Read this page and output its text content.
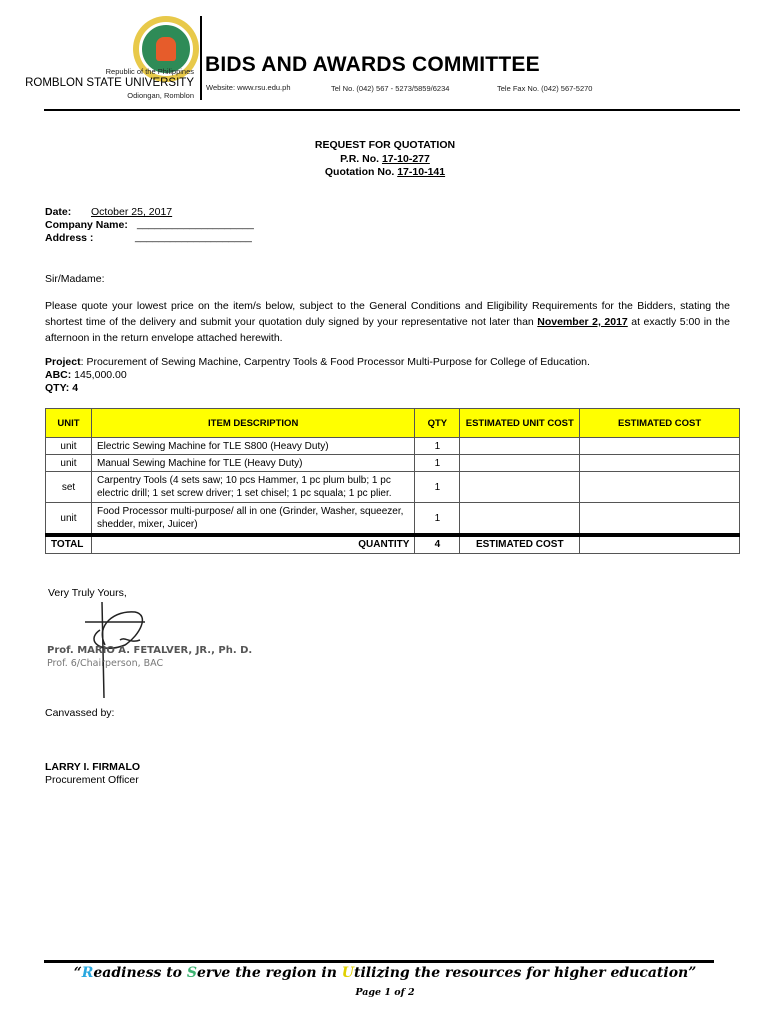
Republic of the Philippines
ROMBLON STATE UNIVERSITY
Odiongan, Romblon
BIDS AND AWARDS COMMITTEE
Website: www.rsu.edu.ph	Tel No. (042) 567 - 5273/5859/6234	Tele Fax No. (042) 567-5270
REQUEST FOR QUOTATION
P.R. No. 17-10-277
Quotation No. 17-10-141
Date: October 25, 2017
Company Name: ____________________
Address :	____________________
Sir/Madame:
Please quote your lowest price on the item/s below, subject to the General Conditions and Eligibility Requirements for the Bidders, stating the shortest time of the delivery and submit your quotation duly signed by your representative not later than November 2, 2017 at exactly 5:00 in the afternoon in the return envelope attached herewith.
Project: Procurement of Sewing Machine, Carpentry Tools & Food Processor Multi-Purpose for College of Education.
ABC: 145,000.00
QTY: 4
UNIT	ITEM DESCRIPTION	QTY	ESTIMATED UNIT COST	ESTIMATED COST
unit	Electric Sewing Machine for TLE S800 (Heavy Duty)	1		
unit	Manual Sewing Machine for TLE (Heavy Duty)	1		
set	Carpentry Tools (4 sets saw; 10 pcs Hammer, 1 pc plum bulb; 1 pc electric drill; 1 set screw driver; 1 set chisel; 1 pc squala; 1 pc plier.	1		
unit	Food Processor multi-purpose/ all in one (Grinder, Washer, squeezer, shedder, mixer, Juicer)	1		
TOTAL	QUANTITY	4	ESTIMATED COST	
Very Truly Yours,
Prof. MARIO A. FETALVER, JR., Ph. D.
Prof. 6/Chairperson, BAC
Canvassed by:
LARRY I. FIRMALO
Procurement Officer
“Readiness to Serve the region in Utilizing the resources for higher education”
Page 1 of 2
